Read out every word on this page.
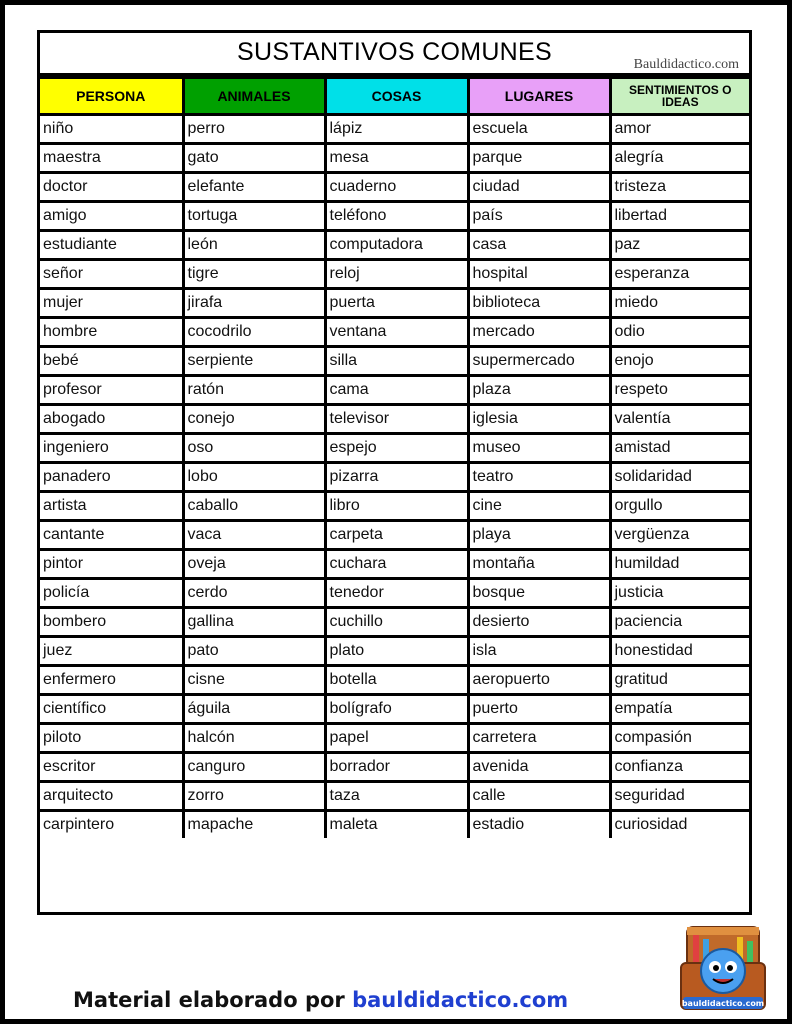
SUSTANTIVOS COMUNES	Bauldidactico.com
PERSONA	ANIMALES	COSAS	LUGARES	SENTIMIENTOS O IDEAS
niño	perro	lápiz	escuela	amor
maestra	gato	mesa	parque	alegría
doctor	elefante	cuaderno	ciudad	tristeza
amigo	tortuga	teléfono	país	libertad
estudiante	león	computadora	casa	paz
señor	tigre	reloj	hospital	esperanza
mujer	jirafa	puerta	biblioteca	miedo
hombre	cocodrilo	ventana	mercado	odio
bebé	serpiente	silla	supermercado	enojo
profesor	ratón	cama	plaza	respeto
abogado	conejo	televisor	iglesia	valentía
ingeniero	oso	espejo	museo	amistad
panadero	lobo	pizarra	teatro	solidaridad
artista	caballo	libro	cine	orgullo
cantante	vaca	carpeta	playa	vergüenza
pintor	oveja	cuchara	montaña	humildad
policía	cerdo	tenedor	bosque	justicia
bombero	gallina	cuchillo	desierto	paciencia
juez	pato	plato	isla	honestidad
enfermero	cisne	botella	aeropuerto	gratitud
científico	águila	bolígrafo	puerto	empatía
piloto	halcón	papel	carretera	compasión
escritor	canguro	borrador	avenida	confianza
arquitecto	zorro	taza	calle	seguridad
carpintero	mapache	maleta	estadio	curiosidad
Material elaborado por bauldidactico.com	bauldidactico.com
